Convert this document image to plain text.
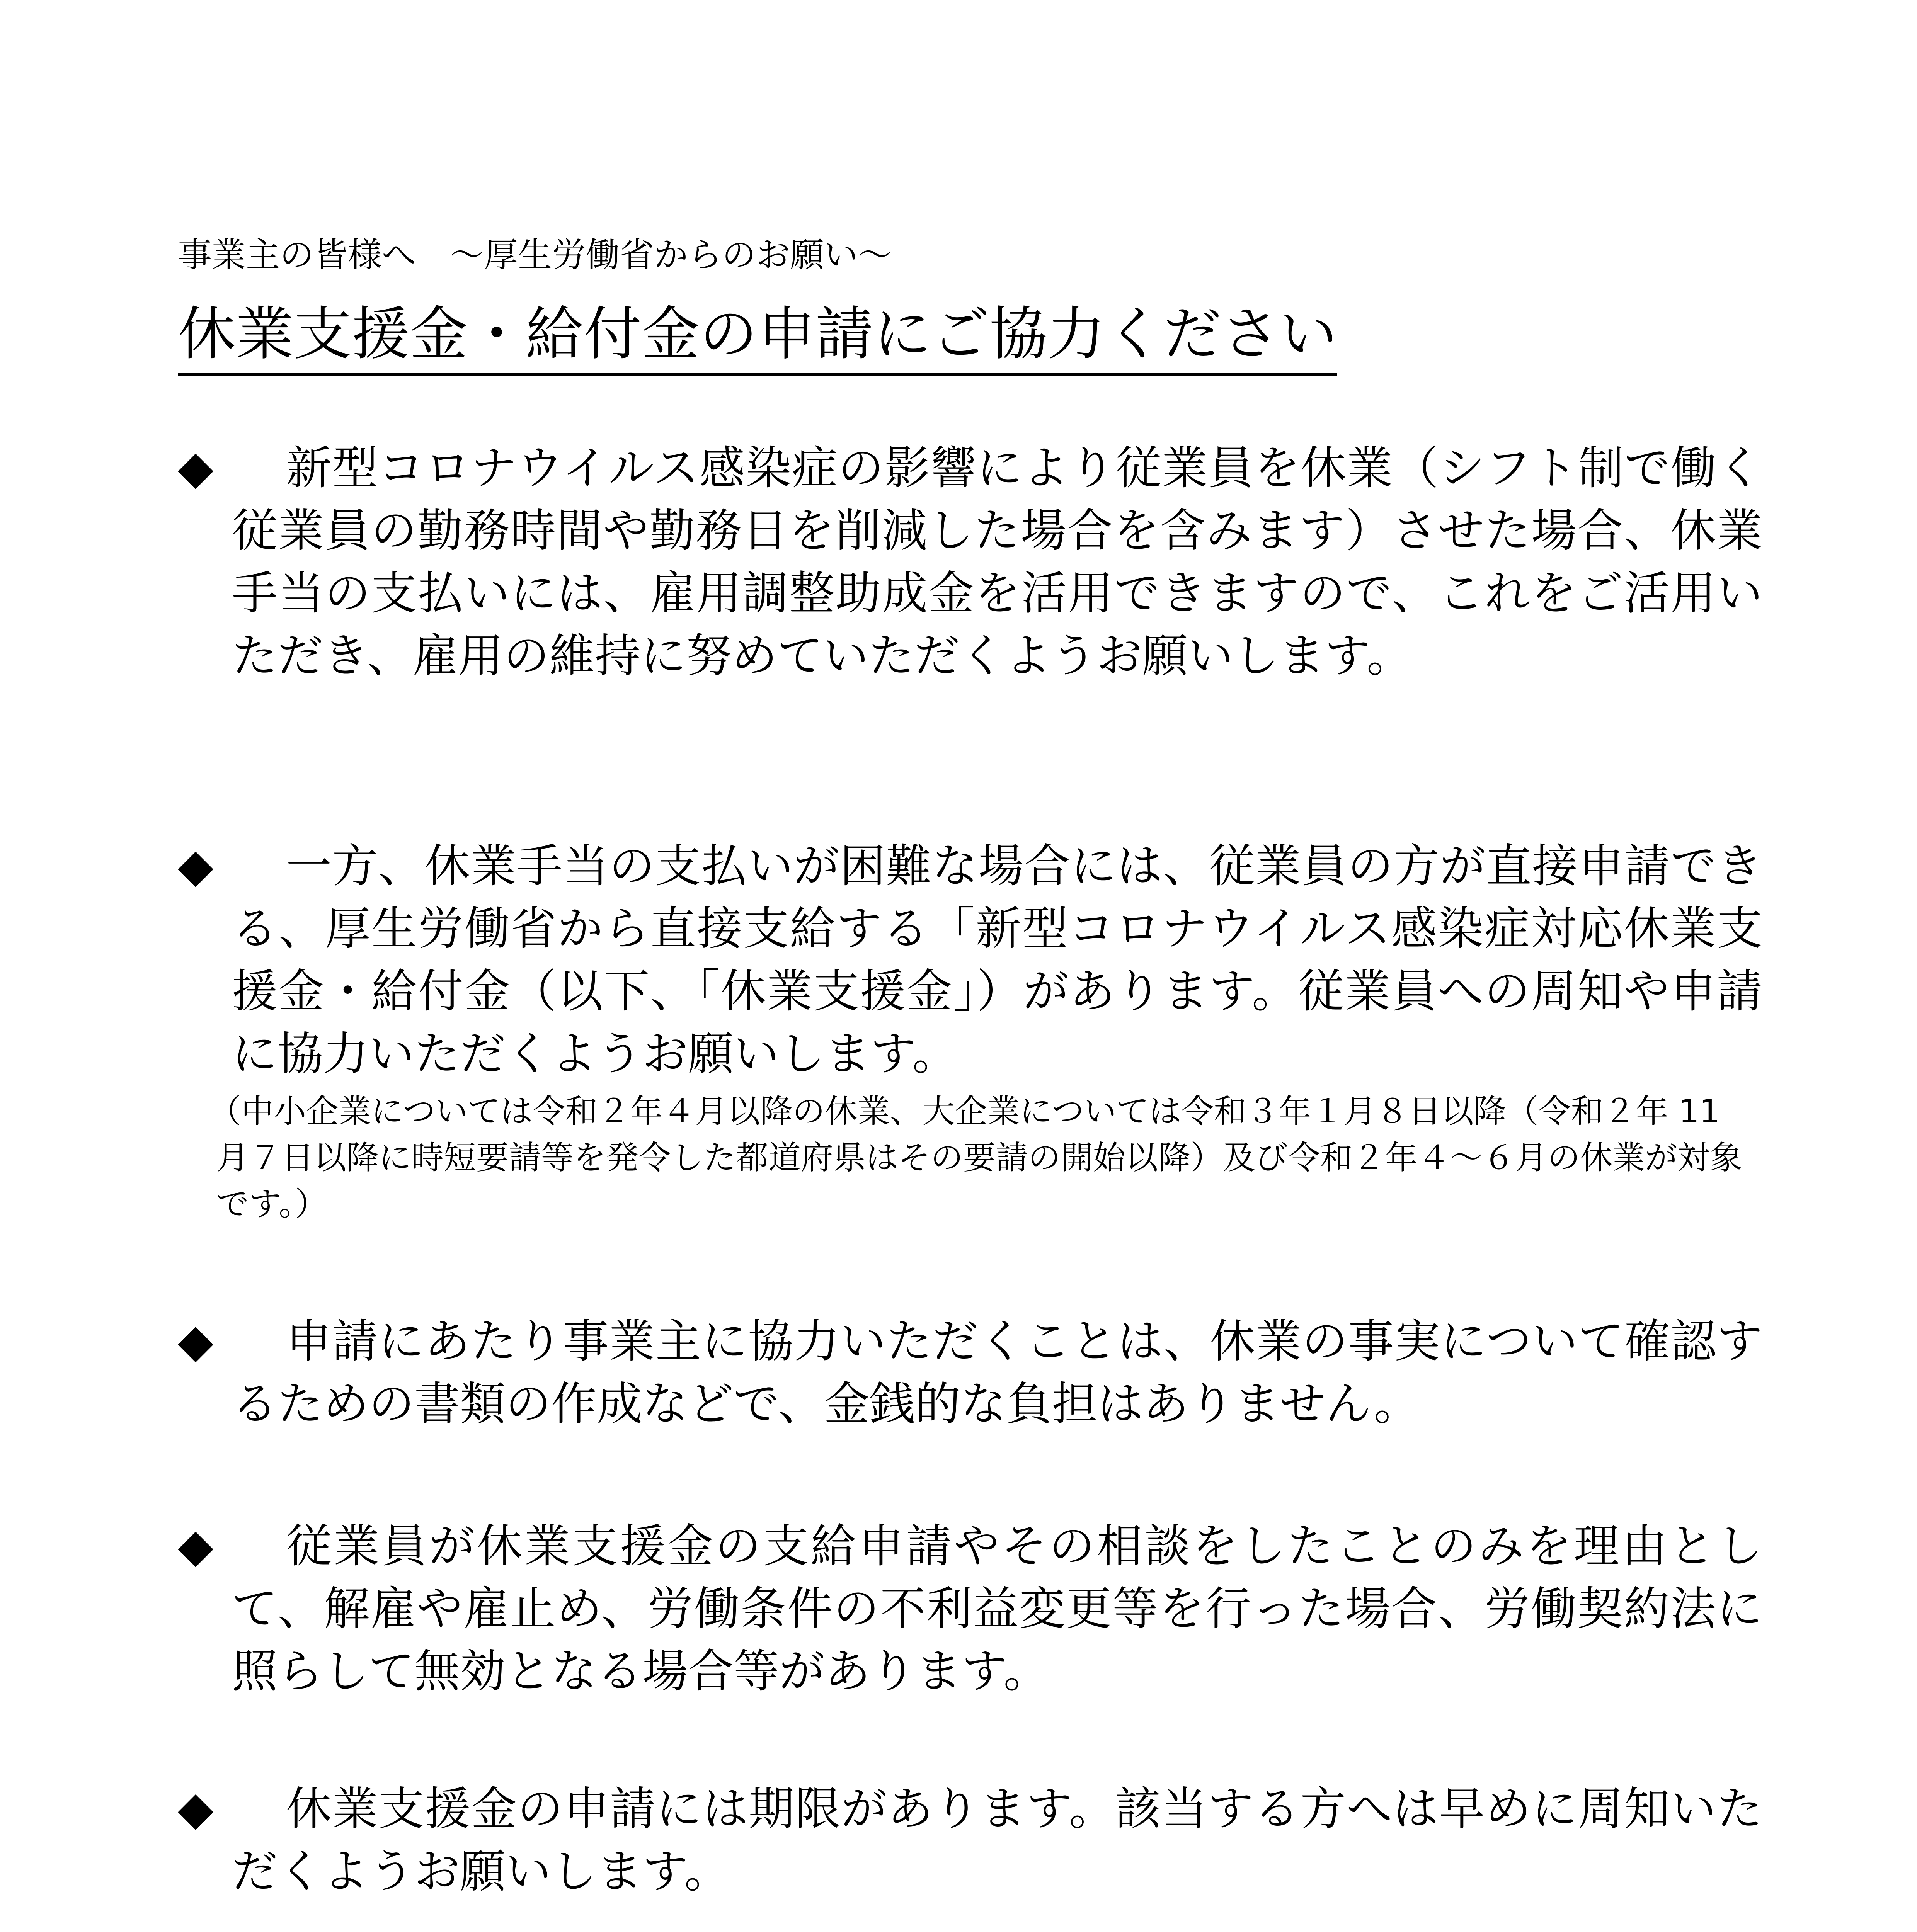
事業主の皆様へ　～厚生労働省からのお願い～
休業支援金・給付金の申請にご協力ください
◆	新型コロナウイルス感染症の影響により従業員を休業（シフト制で働く従業員の勤務時間や勤務日を削減した場合を含みます）させた場合、休業手当の支払いには、雇用調整助成金を活用できますので、これをご活用いただき、雇用の維持に努めていただくようお願いします。

◆	一方、休業手当の支払いが困難な場合には、従業員の方が直接申請できる、厚生労働省から直接支給する「新型コロナウイルス感染症対応休業支援金・給付金（以下、「休業支援金」）があります。従業員への周知や申請に協力いただくようお願いします。

（中小企業については令和２年４月以降の休業、大企業については令和３年１月８日以降（令和２年 11 月７日以降に時短要請等を発令した都道府県はその要請の開始以降）及び令和２年４～６月の休業が対象です。）

◆	申請にあたり事業主に協力いただくことは、休業の事実について確認するための書類の作成などで、金銭的な負担はありません。

◆	従業員が休業支援金の支給申請やその相談をしたことのみを理由として、解雇や雇止め、労働条件の不利益変更等を行った場合、労働契約法に照らして無効となる場合等があります。

◆	休業支援金の申請には期限があります。該当する方へは早めに周知いただくようお願いします。
